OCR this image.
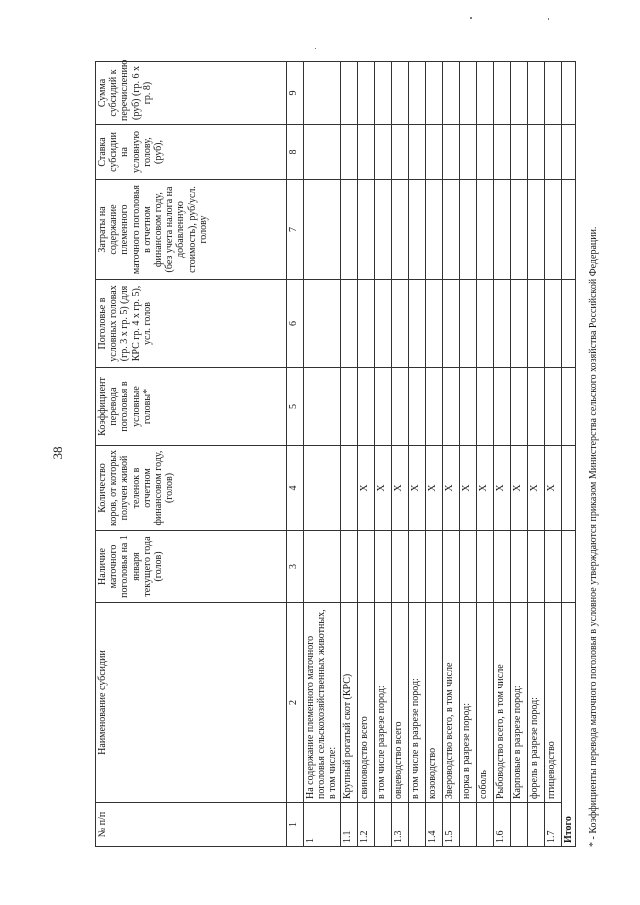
38
№ п/п	Наименование субсидии	Наличие маточного поголовья на 1 января текущего года (голов)	Количество коров, от которых получен живой теленок в отчетном финансовом году, (голов)	Коэффициент перевода поголовья в условные головы*	Поголовье в условных головах (гр. 3 х гр. 5) (для КРС гр. 4 х гр. 5), усл. голов	Затраты на содержание племенного маточного поголовья в отчетном финансовом году, (без учета налога на добавленную стоимость), руб/усл. голову	Ставка субсидии на условную голову, (руб),	Сумма субсидий к перечислению (руб) (гр. 6 х гр. 8)
1	2	3	4	5	6	7	8	9
1	На содержание племенного маточного поголовья сельскохозяйственных животных, в том числе:							
1.1	Крупный рогатый скот (КРС)							
1.2	свиноводство всего		X					
	в том числе разрезе пород:		X					
1.3	овцеводство всего		X					
	в том числе в разрезе пород:		X					
1.4	козоводство		X					
1.5	Звероводство всего, в том числе		X					
	норка в разрезе пород:		X					
	соболь		X					
1.6	Рыбоводство всего, в том числе		X					
	Карповые в разрезе пород:		X					
	форель в разрезе пород:		X					
1.7	птицеводство		X					
Итого								* - Коэффициенты перевода маточного поголовья в условное утверждаются приказом Министерства сельского хозяйства Российской Федерации.
